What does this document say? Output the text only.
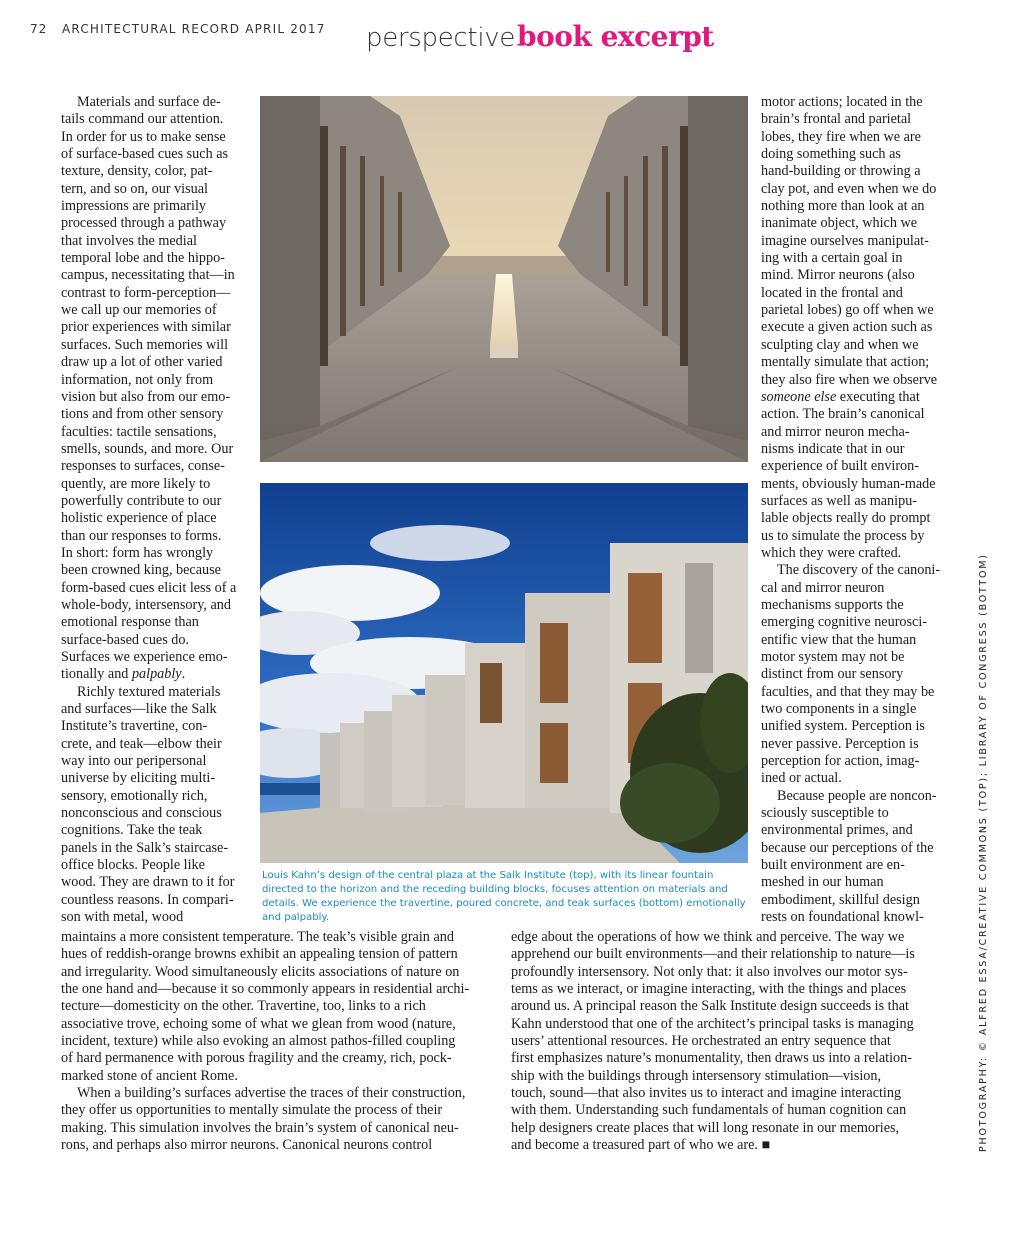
72 ARCHITECTURAL RECORD APRIL 2017 perspectivebook excerpt

Materials and surface de-
tails command our attention.
In order for us to make sense
of surface-based cues such as
texture, density, color, pat-
tern, and so on, our visual
impressions are primarily
processed through a pathway
that involves the medial
temporal lobe and the hippo-
campus, necessitating that—in
contrast to form-perception—
we call up our memories of
prior experiences with similar
surfaces. Such memories will
draw up a lot of other varied
information, not only from
vision but also from our emo-
tions and from other sensory
faculties: tactile sensations,
smells, sounds, and more. Our
responses to surfaces, conse-
quently, are more likely to
powerfully contribute to our
holistic experience of place
than our responses to forms.
In short: form has wrongly
been crowned king, because
form-based cues elicit less of a
whole-body, intersensory, and
emotional response than
surface-based cues do.
Surfaces we experience emo-
tionally and palpably.

Richly textured materials
and surfaces—like the Salk
Institute’s travertine, con-
crete, and teak—elbow their
way into our peripersonal
universe by eliciting multi-
sensory, emotionally rich,
nonconscious and conscious
cognitions. Take the teak
panels in the Salk’s staircase-
office blocks. People like
wood. They are drawn to it for
countless reasons. In compari-
son with metal, wood

Louis Kahn’s design of the central plaza at the Salk Institute (top), with its linear fountain directed to the horizon and the receding building blocks, focuses attention on materials and details. We experience the travertine, poured concrete, and teak surfaces (bottom) emotionally and palpably.

motor actions; located in the
brain’s frontal and parietal
lobes, they fire when we are
doing something such as
hand-building or throwing a
clay pot, and even when we do
nothing more than look at an
inanimate object, which we
imagine ourselves manipulat-
ing with a certain goal in
mind. Mirror neurons (also
located in the frontal and
parietal lobes) go off when we
execute a given action such as
sculpting clay and when we
mentally simulate that action;
they also fire when we observe
someone else executing that
action. The brain’s canonical
and mirror neuron mecha-
nisms indicate that in our
experience of built environ-
ments, obviously human-made
surfaces as well as manipu-
lable objects really do prompt
us to simulate the process by
which they were crafted.

The discovery of the canoni-
cal and mirror neuron
mechanisms supports the
emerging cognitive neurosci-
entific view that the human
motor system may not be
distinct from our sensory
faculties, and that they may be
two components in a single
unified system. Perception is
never passive. Perception is
perception for action, imag-
ined or actual.

Because people are noncon-
sciously susceptible to
environmental primes, and
because our perceptions of the
built environment are en-
meshed in our human
embodiment, skillful design
rests on foundational knowl-

maintains a more consistent temperature. The teak’s visible grain and
hues of reddish-orange browns exhibit an appealing tension of pattern
and irregularity. Wood simultaneously elicits associations of nature on
the one hand and—because it so commonly appears in residential archi-
tecture—domesticity on the other. Travertine, too, links to a rich
associative trove, echoing some of what we glean from wood (nature,
incident, texture) while also evoking an almost pathos-filled coupling
of hard permanence with porous fragility and the creamy, rich, pock-
marked stone of ancient Rome.

When a building’s surfaces advertise the traces of their construction,
they offer us opportunities to mentally simulate the process of their
making. This simulation involves the brain’s system of canonical neu-
rons, and perhaps also mirror neurons. Canonical neurons control

edge about the operations of how we think and perceive. The way we
apprehend our built environments—and their relationship to nature—is
profoundly intersensory. Not only that: it also involves our motor sys-
tems as we interact, or imagine interacting, with the things and places
around us. A principal reason the Salk Institute design succeeds is that
Kahn understood that one of the architect’s principal tasks is managing
users’ attentional resources. He orchestrated an entry sequence that
first emphasizes nature’s monumentality, then draws us into a relation-
ship with the buildings through intersensory stimulation—vision,
touch, sound—that also invites us to interact and imagine interacting
with them. Understanding such fundamentals of human cognition can
help designers create places that will long resonate in our memories,
and become a treasured part of who we are. ■	PHOTOGRAPHY: © ALFRED ESSA/CREATIVE COMMONS (TOP); LIBRARY OF CONGRESS (BOTTOM)
